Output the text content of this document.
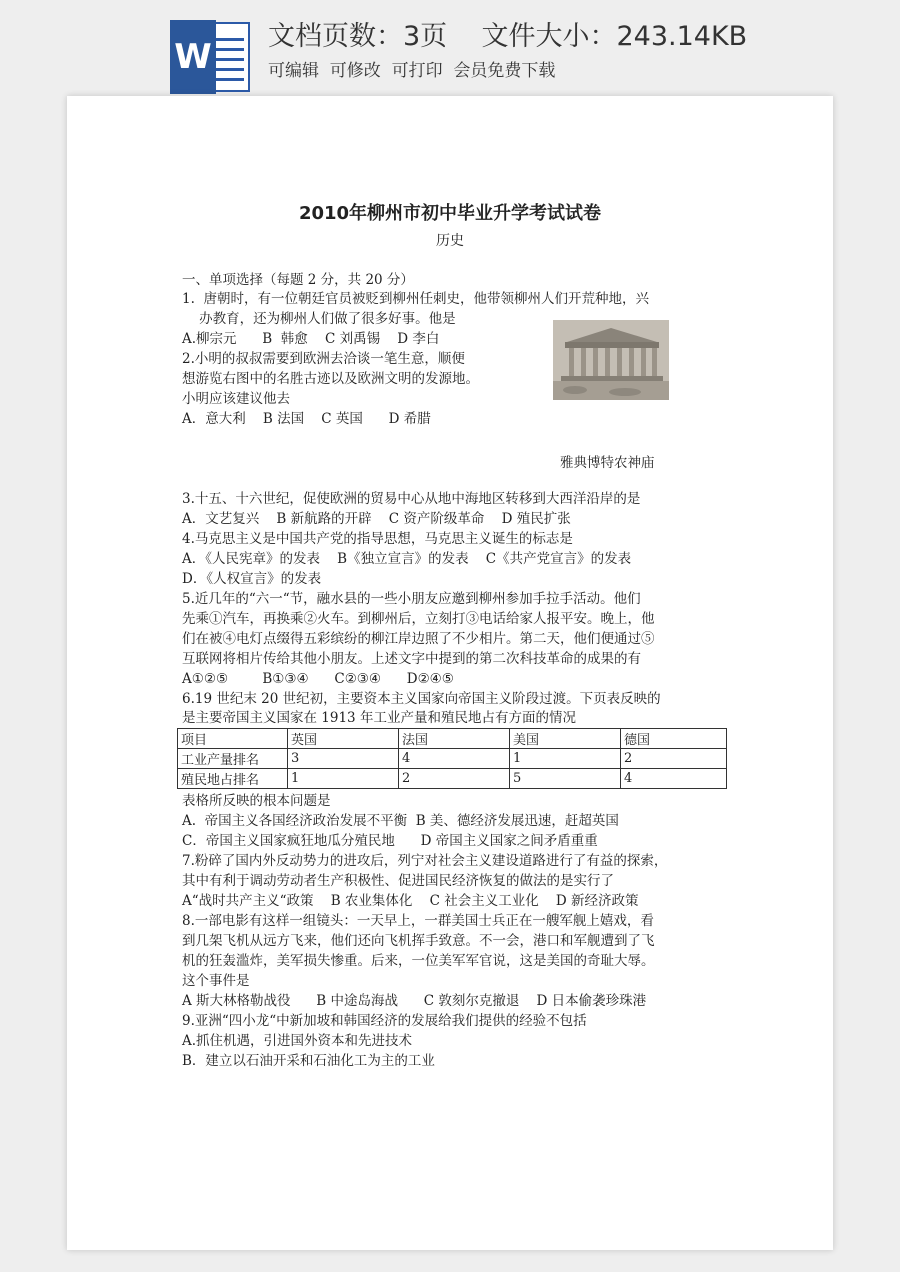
W
文档页数：3页    文件大小：243.14KB
可编辑  可修改  可打印  会员免费下载
2010年柳州市初中毕业升学考试试卷
历史
一、单项选择（每题 2 分，共 20 分）
1.  唐朝时，有一位朝廷官员被贬到柳州任刺史，他带领柳州人们开荒种地，兴
办教育，还为柳州人们做了很多好事。他是
A.柳宗元      B  韩愈    C 刘禹锡    D 李白
2.小明的叔叔需要到欧洲去洽谈一笔生意，顺便
想游览右图中的名胜古迹以及欧洲文明的发源地。
小明应该建议他去
A．意大利    B 法国    C 英国      D 希腊
雅典博特农神庙
3.十五、十六世纪，促使欧洲的贸易中心从地中海地区转移到大西洋沿岸的是
A．文艺复兴    B 新航路的开辟    C 资产阶级革命    D 殖民扩张
4.马克思主义是中国共产党的指导思想，马克思主义诞生的标志是
A．《人民宪章》的发表    B《独立宣言》的发表    C《共产党宣言》的发表
D．《人权宣言》的发表
5.近几年的“六一“节，融水县的一些小朋友应邀到柳州参加手拉手活动。他们
先乘①汽车，再换乘②火车。到柳州后，立刻打③电话给家人报平安。晚上，他
们在被④电灯点缀得五彩缤纷的柳江岸边照了不少相片。第二天，他们便通过⑤
互联网将相片传给其他小朋友。上述文字中提到的第二次科技革命的成果的有
A①②⑤        B①③④      C②③④      D②④⑤
6.19 世纪末 20 世纪初，主要资本主义国家向帝国主义阶段过渡。下页表反映的
是主要帝国主义国家在 1913 年工业产量和殖民地占有方面的情况
项目	英国	法国	美国	德国
工业产量排名	3	4	1	2
殖民地占排名	1	2	5	4
表格所反映的根本问题是
A.  帝国主义各国经济政治发展不平衡  B 美、德经济发展迅速，赶超英国
C．帝国主义国家疯狂地瓜分殖民地      D 帝国主义国家之间矛盾重重
7.粉碎了国内外反动势力的进攻后，列宁对社会主义建设道路进行了有益的探索，
其中有利于调动劳动者生产积极性、促进国民经济恢复的做法的是实行了
A“战时共产主义“政策    B 农业集体化    C 社会主义工业化    D 新经济政策
8.一部电影有这样一组镜头：一天早上，一群美国士兵正在一艘军舰上嬉戏，看
到几架飞机从远方飞来，他们还向飞机挥手致意。不一会，港口和军舰遭到了飞
机的狂轰滥炸，美军损失惨重。后来，一位美军军官说，这是美国的奇耻大辱。
这个事件是
A 斯大林格勒战役      B 中途岛海战      C 敦刻尔克撤退    D 日本偷袭珍珠港
9.亚洲“四小龙“中新加坡和韩国经济的发展给我们提供的经验不包括
A.抓住机遇，引进国外资本和先进技术
B．建立以石油开采和石油化工为主的工业
